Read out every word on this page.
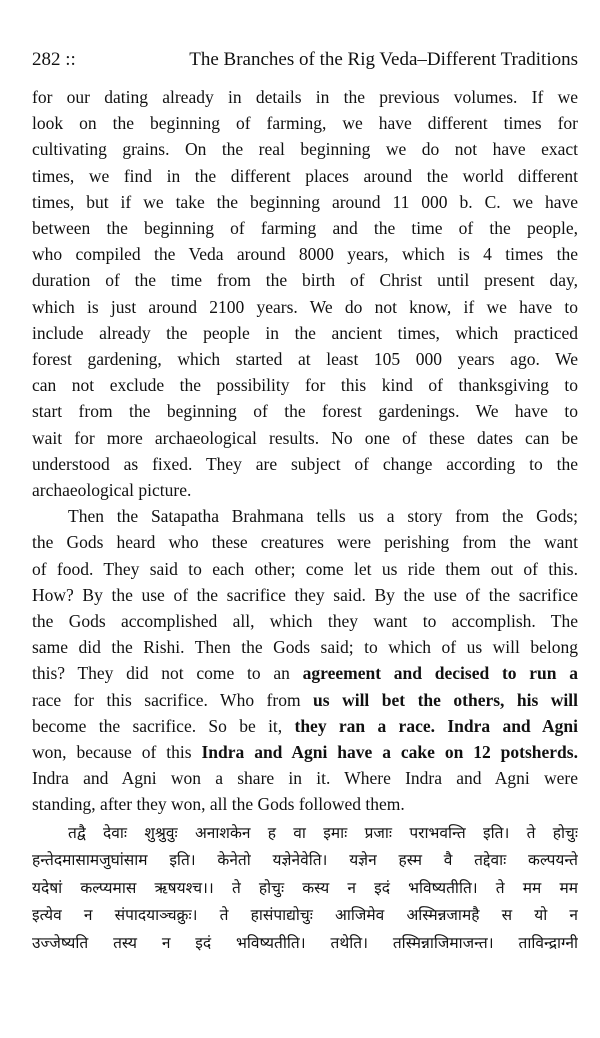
282 ::	The Branches of the Rig Veda–Different Traditions
for our dating already in details in the previous volumes. If we
look on the beginning of farming, we have different times for
cultivating grains. On the real beginning we do not have exact
times, we find in the different places around the world different
times, but if we take the beginning around 11 000 b. C. we have
between the beginning of farming and the time of the people,
who compiled the Veda around 8000 years, which is 4 times the
duration of the time from the birth of Christ until present day,
which is just around 2100 years. We do not know, if we have to
include already the people in the ancient times, which practiced
forest gardening, which started at least 105 000 years ago. We
can not exclude the possibility for this kind of thanksgiving to
start from the beginning of the forest gardenings. We have to
wait for more archaeological results. No one of these dates can be
understood as fixed. They are subject of change according to the
archaeological picture.
Then the Satapatha Brahmana tells us a story from the Gods;
the Gods heard who these creatures were perishing from the want
of food. They said to each other; come let us ride them out of this.
How? By the use of the sacrifice they said. By the use of the sacrifice
the Gods accomplished all, which they want to accomplish. The
same did the Rishi. Then the Gods said; to which of us will belong
this? They did not come to an agreement and decised to run a
race for this sacrifice. Who from us will bet the others, his will
become the sacrifice. So be it, they ran a race. Indra and Agni
won, because of this Indra and Agni have a cake on 12 potsherds.
Indra and Agni won a share in it. Where Indra and Agni were
standing, after they won, all the Gods followed them.
तद्वै देवाः शुश्रुवुः अनाशकेन ह वा इमाः प्रजाः पराभवन्ति इति। ते होचुः
हन्तेदमासामजुघांसाम इति। केनेतो यज्ञेनेवेति। यज्ञेन हस्म वै तद्देवाः कल्पयन्ते
यदेषां कल्प्यमास ऋषयश्च।। ते होचुः कस्य न इदं भविष्यतीति। ते मम मम
इत्येव न संपादयाञ्चक्रुः। ते हासंपाद्योचुः आजिमेव अस्मिन्नजामहै स यो न
उज्जेष्यति तस्य न इदं भविष्यतीति। तथेति। तस्मिन्नाजिमाजन्त। ताविन्द्राग्नी
